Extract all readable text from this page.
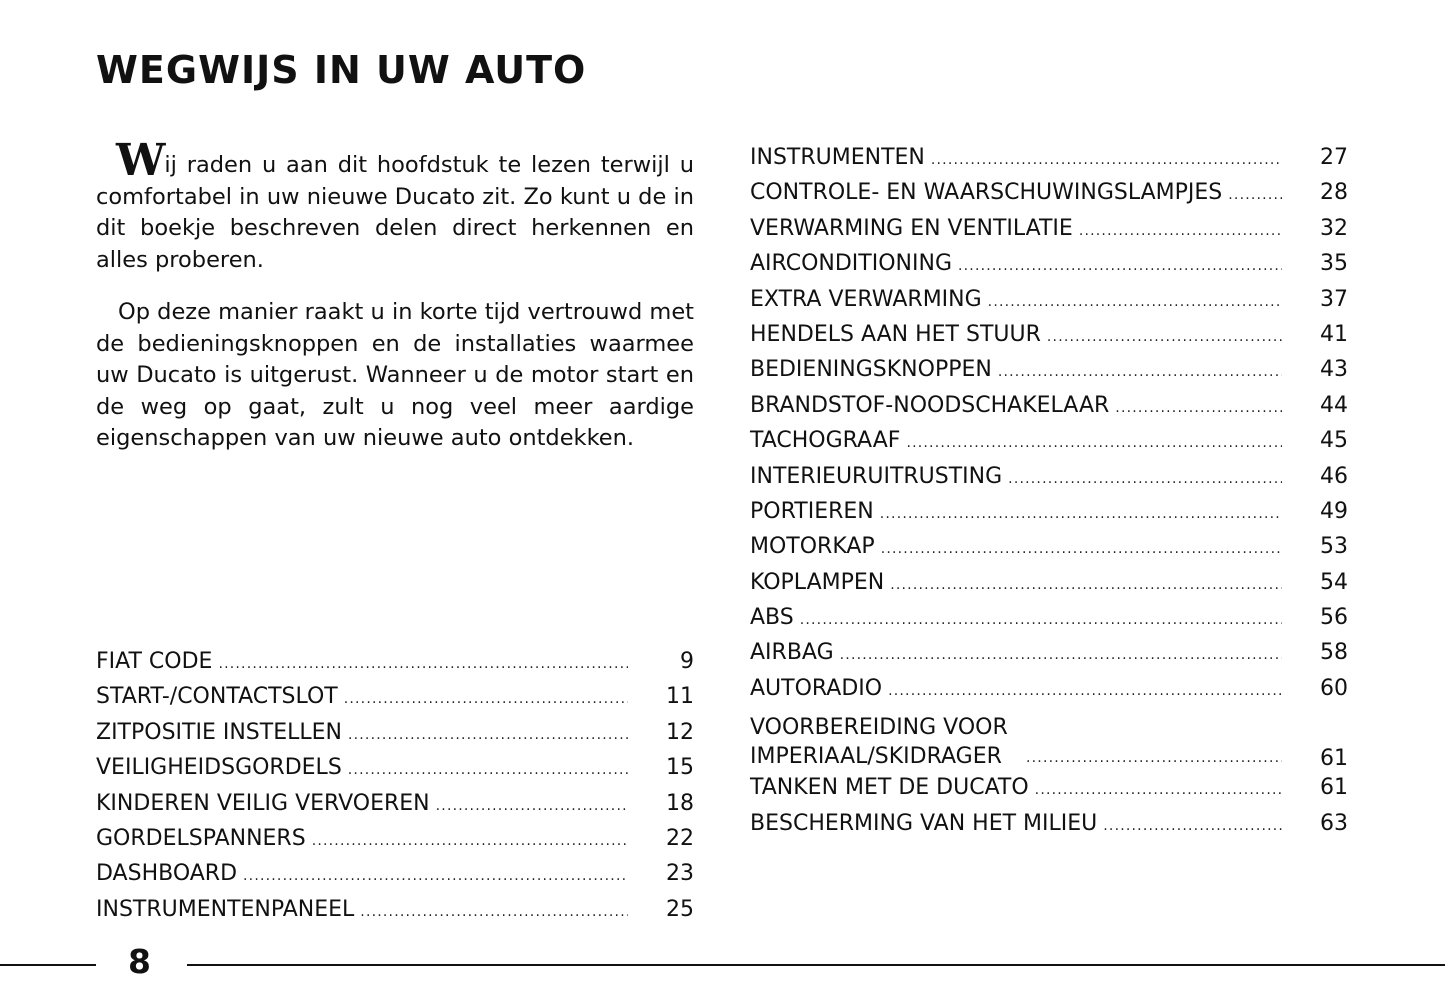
WEGWIJS IN UW AUTO

Wij raden u aan dit hoofdstuk te lezen terwijl u comfortabel in uw nieuwe Ducato zit. Zo kunt u de in dit boekje beschreven delen direct herkennen en alles proberen.

Op deze manier raakt u in korte tijd vertrouwd met de bedieningsknoppen en de installaties waarmee uw Ducato is uitgerust. Wanneer u de motor start en de weg op gaat, zult u nog veel meer aardige eigenschappen van uw nieuwe auto ontdekken.

FIAT CODE .....	9
START-/CONTACTSLOT .....	11
ZITPOSITIE INSTELLEN .....	12
VEILIGHEIDSGORDELS .....	15
KINDEREN VEILIG VERVOEREN .....	18
GORDELSPANNERS .....	22
DASHBOARD .....	23
INSTRUMENTENPANEEL .....	25
INSTRUMENTEN .....	27
CONTROLE- EN WAARSCHUWINGSLAMPJES .....	28
VERWARMING EN VENTILATIE .....	32
AIRCONDITIONING .....	35
EXTRA VERWARMING .....	37
HENDELS AAN HET STUUR .....	41
BEDIENINGSKNOPPEN .....	43
BRANDSTOF-NOODSCHAKELAAR .....	44
TACHOGRAAF .....	45
INTERIEURUITRUSTING .....	46
PORTIEREN .....	49
MOTORKAP .....	53
KOPLAMPEN .....	54
ABS .....	56
AIRBAG .....	58
AUTORADIO .....	60
VOORBEREIDING VOOR IMPERIAAL/SKIDRAGER .....	61
TANKEN MET DE DUCATO .....	61
BESCHERMING VAN HET MILIEU .....	63
8
